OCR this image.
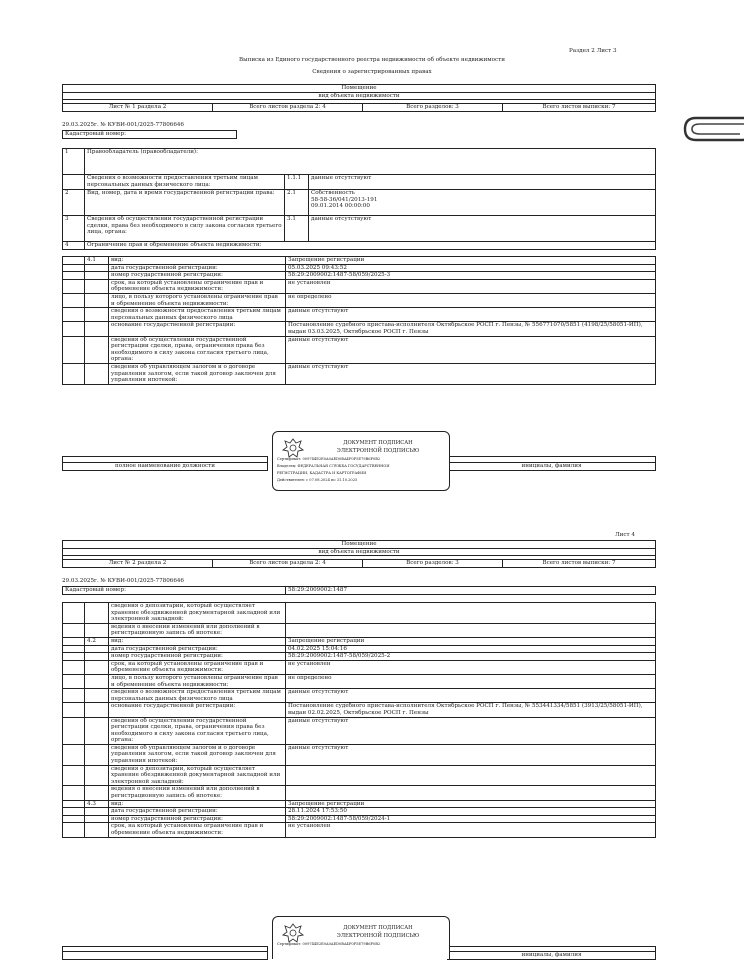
Раздел 2 Лист 3
Выписка из Единого государственного реестра недвижимости об объекте недвижимости
Сведения о зарегистрированных правах
Помещение
вид объекта недвижимости

Лист № 1 раздела 2	Всего листов раздела 2: 4	Всего разделов: 3	Всего листов выписки: 7
29.03.2025г. № КУВИ-001/2025-77806646
Кадастровый номер:
1	Правообладатель (правообладатели):		
	Сведения о возможности предоставления третьим лицам персональных данных физического лица:	1.1.1	данные отсутствуют
2	Вид, номер, дата и время государственной регистрации права:	2.1	Собственность
58-58-36/041/2013-191
09.01.2014 00:00:00

3	Сведения об осуществлении государственной регистрации сделки, права без необходимого в силу закона согласия третьего лица, органа:	3.1	данные отсутствуют
4	Ограничение прав и обременение объекта недвижимости:		
	4.1	вид:	Запрещение регистрации
		дата государственной регистрации:	05.03.2025 09:43:52
		номер государственной регистрации:	58:29:2009002:1487-58/059/2025-3
		срок, на который установлены ограничение прав и обременение объекта недвижимости:	не установлен
		лицо, в пользу которого установлены ограничение прав и обременение объекта недвижимости:	не определено
		сведения о возможности предоставления третьим лицам персональных данных физического лица	данные отсутствуют
		основание государственной регистрации:	Постановление судебного пристава-исполнителя Октябрьское РОСП г. Пензы, № 556771070/5851 (4198/25/58051-ИП), выдан 03.03.2025, Октябрьское РОСП г. Пензы
		сведения об осуществлении государственной регистрации сделки, права, ограничения права без необходимого в силу закона согласия третьего лица, органа:	данные отсутствуют
		сведения об управляющем залогом и о договоре управления залогом, если такой договор заключен для управления ипотекой:	данные отсутствуют

полное наименование должности		инициалы, фамилия
ДОКУМЕНТ ПОДПИСАН
ЭЛЕКТРОННОЙ ПОДПИСЬЮ
Сертификат: 009744E2E0A0AED0BA4F0F5E79B6F0B2
Владелец: ФЕДЕРАЛЬНАЯ СЛУЖБА ГОСУДАРСТВЕННОЙ
РЕГИСТРАЦИИ, КАДАСТРА И КАРТОГРАФИИ
Действителен: с 07.08.2024 по 31.10.2025
Лист 4
Помещение
вид объекта недвижимости

Лист № 2 раздела 2	Всего листов раздела 2: 4	Всего разделов: 3	Всего листов выписки: 7
29.03.2025г. № КУВИ-001/2025-77806646
Кадастровый номер:	58:29:2009002:1487
		сведения о депозитарии, который осуществляет хранение обездвиженной документарной закладной или электронной закладной:	
		ведения о внесении изменений или дополнений в регистрационную запись об ипотеке:	
	4.2	вид:	Запрещение регистрации
		дата государственной регистрации:	04.02.2025 15:04:16
		номер государственной регистрации:	58:29:2009002:1487-58/059/2025-2
		срок, на который установлены ограничение прав и обременение объекта недвижимости:	не установлен
		лицо, в пользу которого установлены ограничение прав и обременение объекта недвижимости:	не определено
		сведения о возможности предоставления третьим лицам персональных данных физического лица	данные отсутствуют
		основание государственной регистрации:	Постановление судебного пристава-исполнителя Октябрьское РОСП г. Пензы, № 553441334/5851 (3913/25/58051-ИП), выдан 02.02.2025, Октябрьское РОСП г. Пензы
		сведения об осуществлении государственной регистрации сделки, права, ограничения права без необходимого в силу закона согласия третьего лица, органа:	данные отсутствуют
		сведения об управляющем залогом и о договоре управления залогом, если такой договор заключен для управления ипотекой:	данные отсутствуют
		сведения о депозитарии, который осуществляет хранение обездвиженной документарной закладной или электронной закладной:	
		ведения о внесении изменений или дополнений в регистрационную запись об ипотеке:	
	4.3	вид:	Запрещение регистрации
		дата государственной регистрации:	28.11.2024 17:53:50
		номер государственной регистрации:	58:29:2009002:1487-58/059/2024-1
		срок, на который установлены ограничение прав и обременение объекта недвижимости:	не установлен

		инициалы, фамилия
ДОКУМЕНТ ПОДПИСАН
ЭЛЕКТРОННОЙ ПОДПИСЬЮ
Сертификат: 009744E2E0A0AED0BA4F0F5E79B6F0B2
